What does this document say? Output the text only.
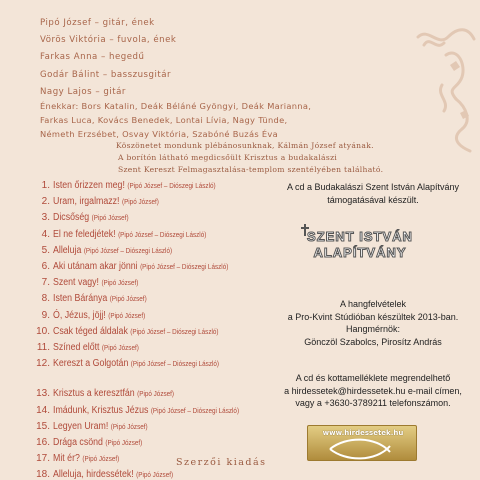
Pipó József – gitár, ének
Vörös Viktória – fuvola, ének
Farkas Anna – hegedű
Godár Bálint – basszusgitár
Nagy Lajos – gitár
Énekkar: Bors Katalin, Deák Béláné Gyöngyi, Deák Marianna,
Farkas Luca, Kovács Benedek, Lontai Lívia, Nagy Tünde,
Németh Erzsébet, Osvay Viktória, Szabóné Buzás Éva
Köszönetet mondunk plébánosunknak, Kálmán József atyának.
A borítón látható megdicsőült Krisztus a budakalászi
Szent Kereszt Felmagasztalása-templom szentélyében található.
1. Isten őrizzen meg! (Pipó József – Diószegi László)
2. Uram, irgalmazz! (Pipó József)
3. Dicsőség (Pipó József)
4. El ne feledjétek! (Pipó József – Diószegi László)
5. Alleluja (Pipó József – Diószegi László)
6. Aki utánam akar jönni (Pipó József – Diószegi László)
7. Szent vagy! (Pipó József)
8. Isten Báránya (Pipó József)
9. Ó, Jézus, jöjj! (Pipó József)
10. Csak téged áldalak (Pipó József – Diószegi László)
11. Színed előtt (Pipó József)
12. Kereszt a Golgotán (Pipó József – Diószegi László)
13. Krisztus a keresztfán (Pipó József)
14. Imádunk, Krisztus Jézus (Pipó József – Diószegi László)
15. Legyen Uram! (Pipó József)
16. Drága csönd (Pipó József)
17. Mit ér? (Pipó József)
18. Alleluja, hirdessétek! (Pipó József)
Szerzői kiadás
A cd a Budakalászi Szent István Alapítvány
támogatásával készült.
SZENT ISTVÁN
ALAPÍTVÁNY
A hangfelvételek
a Pro-Kvint Stúdióban készültek 2013-ban.
Hangmérnök:
Gönczöl Szabolcs, Pirosítz András
A cd és kottamelléklete megrendelhető
a hirdessetek@hirdessetek.hu e-mail címen,
vagy a +3630-3789211 telefonszámon.
www.hirdessetek.hu
